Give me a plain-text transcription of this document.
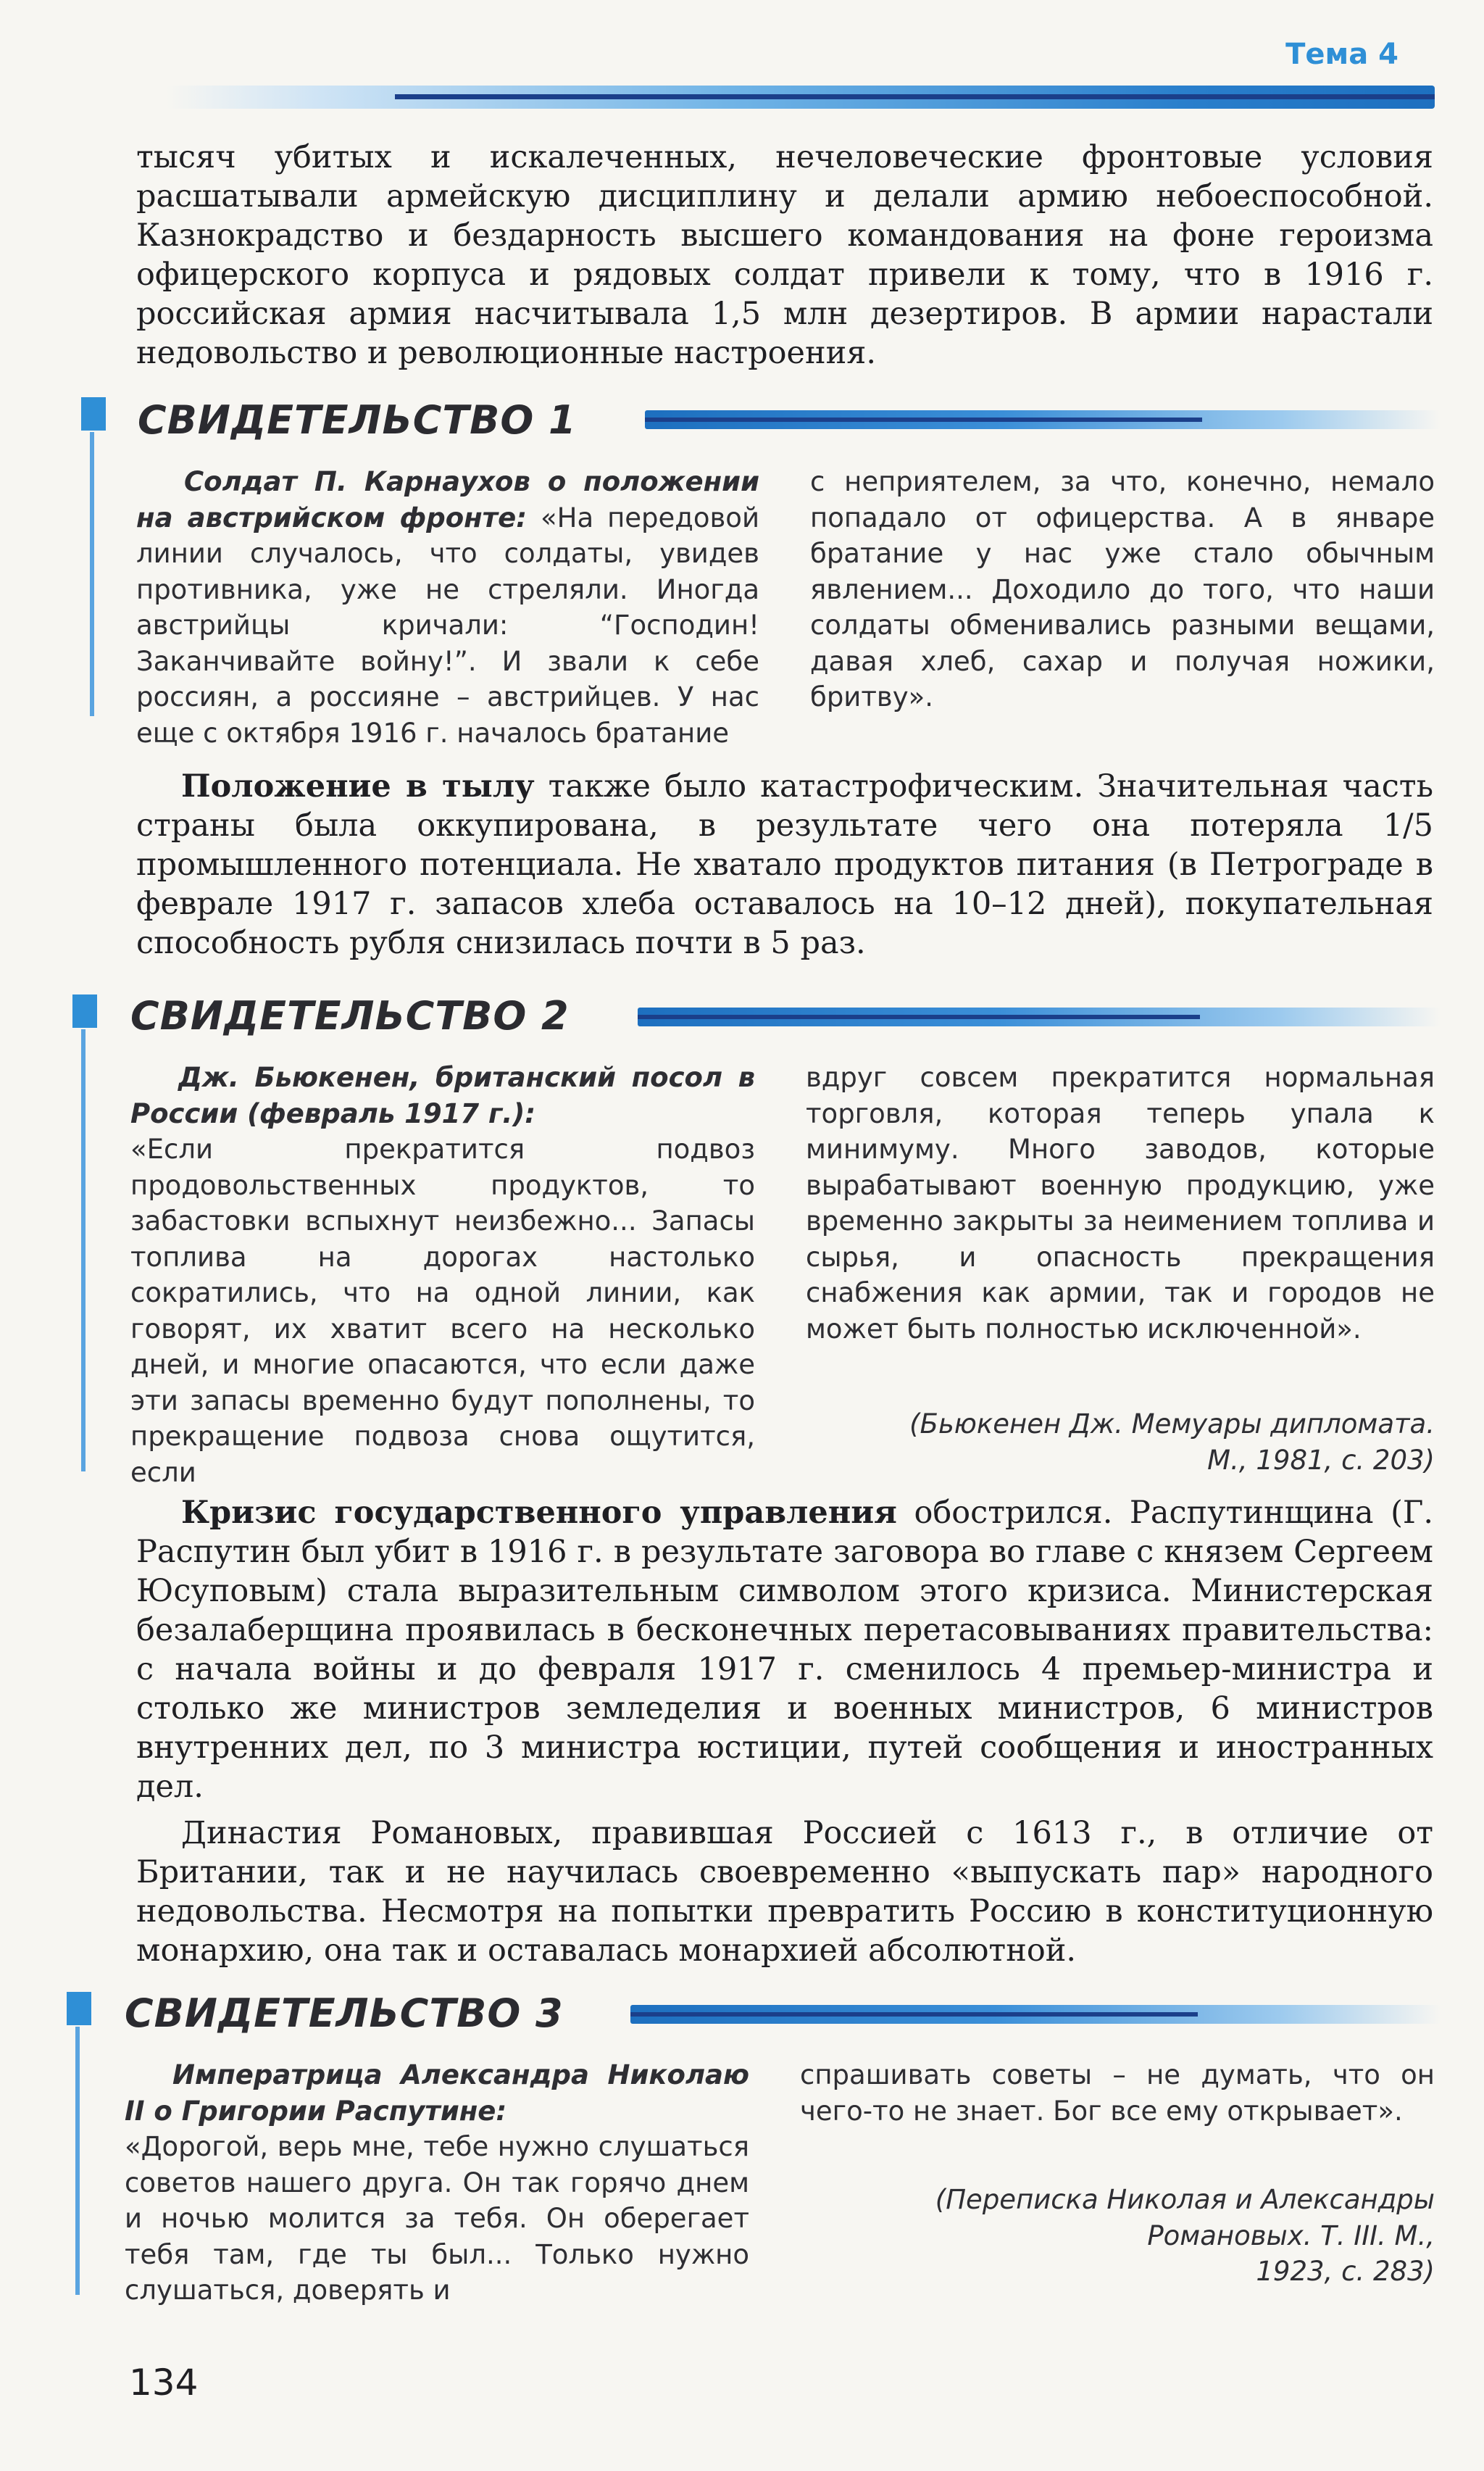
Тема 4

тысяч убитых и искалеченных, нечеловеческие фронтовые условия расшатывали армейскую дисциплину и делали армию небоеспособной. Казнокрадство и бездарность высшего командования на фоне героизма офицерского корпуса и рядовых солдат привели к тому, что в 1916 г. российская армия насчитывала 1,5 млн дезертиров. В армии нарастали недовольство и революционные настроения.

СВИДЕТЕЛЬСТВО 1
Солдат П. Карнаухов о положении на австрийском фронте: «На передовой линии случалось, что солдаты, увидев противника, уже не стреляли. Иногда австрийцы кричали: “Господин! Заканчивайте войну!”. И звали к себе россиян, а россияне – австрийцев. У нас еще с октября 1916 г. началось братание
с неприятелем, за что, конечно, немало попадало от офицерства. А в январе братание у нас уже стало обычным явлением... Доходило до того, что наши солдаты обменивались разными вещами, давая хлеб, сахар и получая ножики, бритву».

Положение в тылу также было катастрофическим. Значительная часть страны была оккупирована, в результате чего она потеряла 1/5 промышленного потенциала. Не хватало продуктов питания (в Петрограде в феврале 1917 г. запасов хлеба оставалось на 10–12 дней), покупательная способность рубля снизилась почти в 5 раз.

СВИДЕТЕЛЬСТВО 2
Дж. Бьюкенен, британский посол в России (февраль 1917 г.):
«Если прекратится подвоз продовольственных продуктов, то забастовки вспыхнут неизбежно... Запасы топлива на дорогах настолько сократились, что на одной линии, как говорят, их хватит всего на несколько дней, и многие опасаются, что если даже эти запасы временно будут пополнены, то прекращение подвоза снова ощутится, если
вдруг совсем прекратится нормальная торговля, которая теперь упала к минимуму. Много заводов, которые вырабатывают военную продукцию, уже временно закрыты за неимением топлива и сырья, и опасность прекращения снабжения как армии, так и городов не может быть полностью исключенной».
(Бьюкенен Дж. Мемуары дипломата.
М., 1981, с. 203)

Кризис государственного управления обострился. Распутинщина (Г. Распутин был убит в 1916 г. в результате заговора во главе с князем Сергеем Юсуповым) стала выразительным символом этого кризиса. Министерская безалаберщина проявилась в бесконечных перетасовываниях правительства: с начала войны и до февраля 1917 г. сменилось 4 премьер-министра и столько же министров земледелия и военных министров, 6 министров внутренних дел, по 3 министра юстиции, путей сообщения и иностранных дел.

Династия Романовых, правившая Россией с 1613 г., в отличие от Британии, так и не научилась своевременно «выпускать пар» народного недовольства. Несмотря на попытки превратить Россию в конституционную монархию, она так и оставалась монархией абсолютной.

СВИДЕТЕЛЬСТВО 3
Императрица Александра Николаю II о Григории Распутине:
«Дорогой, верь мне, тебе нужно слушаться советов нашего друга. Он так горячо днем и ночью молится за тебя. Он оберегает тебя там, где ты был... Только нужно слушаться, доверять и
спрашивать советы – не думать, что он чего-то не знает. Бог все ему открывает».
(Переписка Николая и Александры
Романовых. Т. III. М.,
1923, с. 283)
134
